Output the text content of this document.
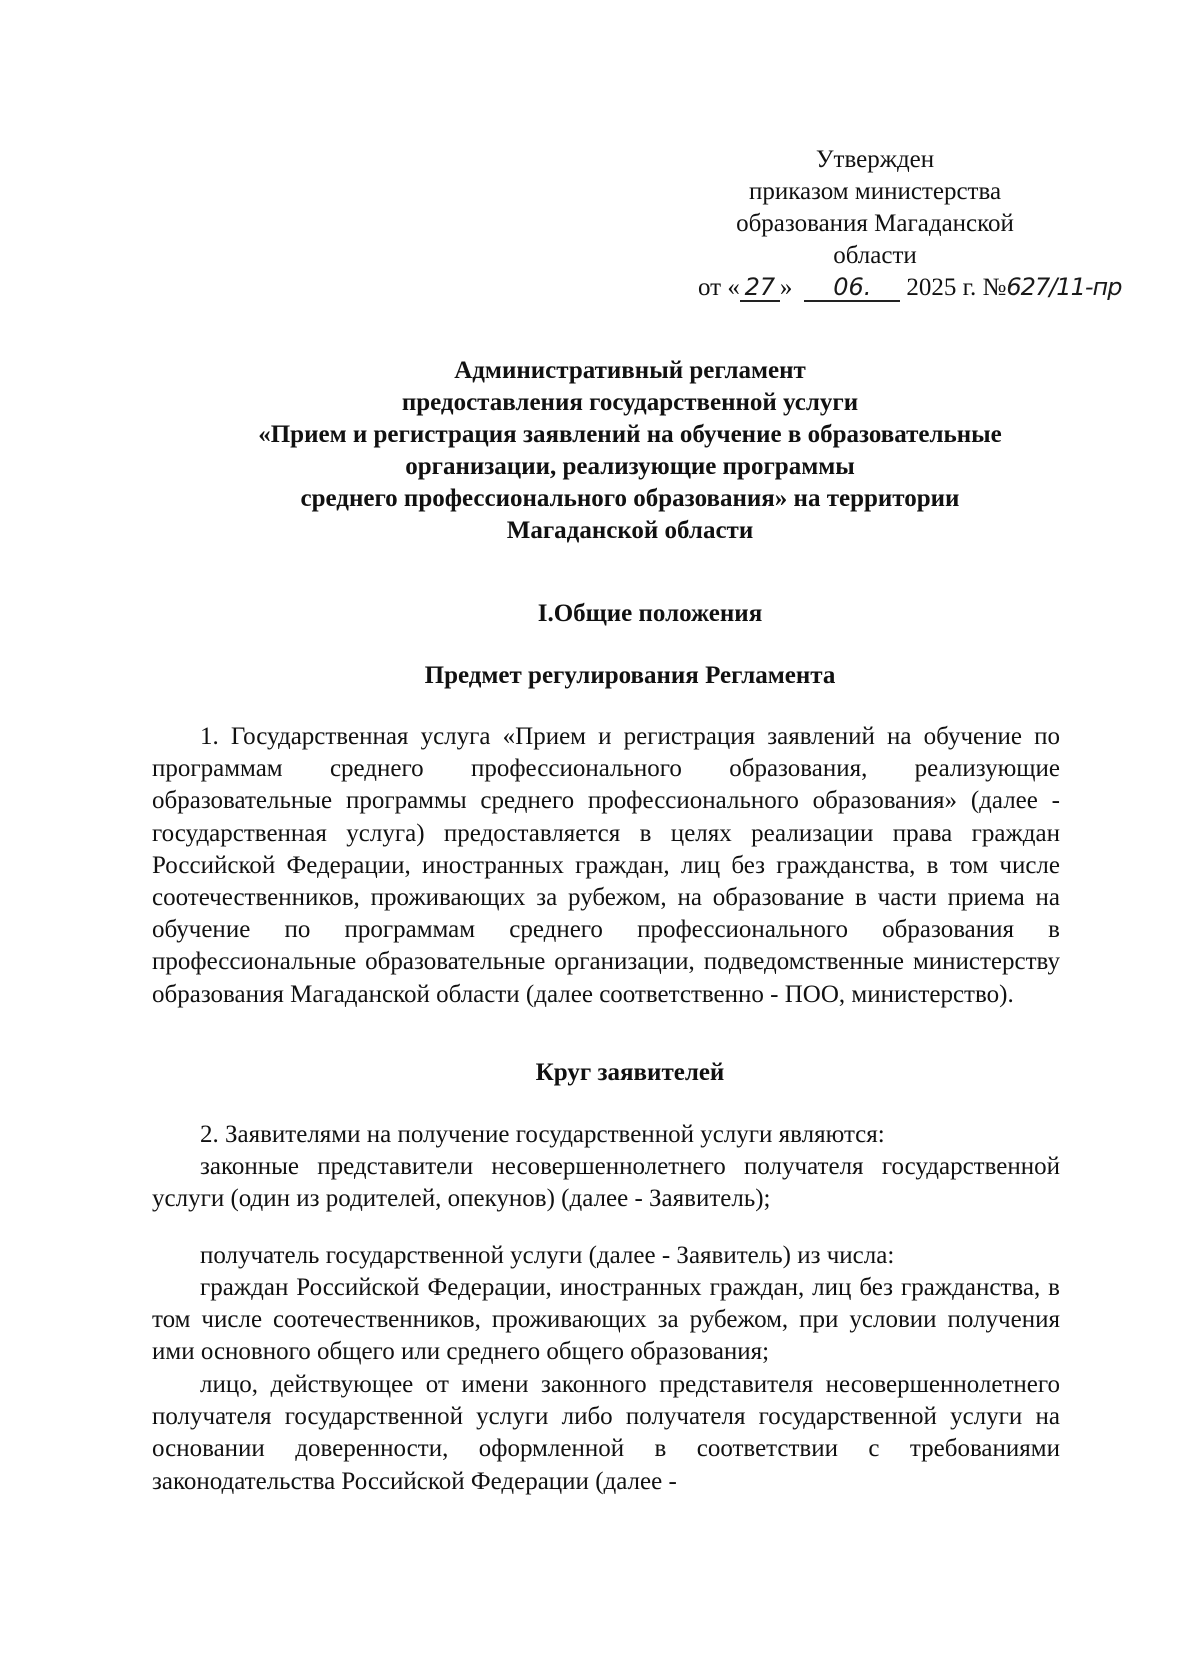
Утвержден
приказом министерства
образования Магаданской
области
от « 27 » 06. 2025 г. №627/11-пр
Административный регламент
предоставления государственной услуги
«Прием и регистрация заявлений на обучение в образовательные
организации, реализующие программы
среднего профессионального образования» на территории
Магаданской области
I.Общие положения
Предмет регулирования Регламента

1. Государственная услуга «Прием и регистрация заявлений на обучение по программам среднего профессионального образования, реализующие образовательные программы среднего профессионального образования» (далее - государственная услуга) предоставляется в целях реализации права граждан Российской Федерации, иностранных граждан, лиц без гражданства, в том числе соотечественников, проживающих за рубежом, на образование в части приема на обучение по программам среднего профессионального образования в профессиональные образовательные организации, подведомственные министерству образования Магаданской области (далее соответственно - ПОО, министерство).

Круг заявителей

2. Заявителями на получение государственной услуги являются:

законные представители несовершеннолетнего получателя государственной услуги (один из родителей, опекунов) (далее - Заявитель);

получатель государственной услуги (далее - Заявитель) из числа:

граждан Российской Федерации, иностранных граждан, лиц без гражданства, в том числе соотечественников, проживающих за рубежом, при условии получения ими основного общего или среднего общего образования;

лицо, действующее от имени законного представителя несовершеннолетнего получателя государственной услуги либо получателя государственной услуги на основании доверенности, оформленной в соответствии с требованиями законодательства Российской Федерации (далее -
